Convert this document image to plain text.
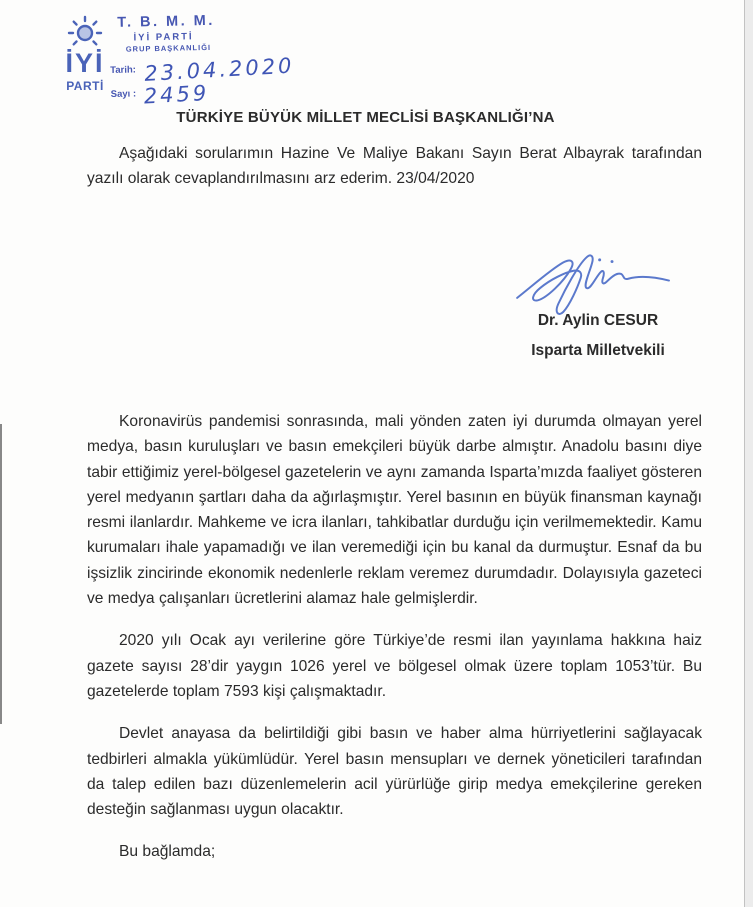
İYİ
PARTİ
T. B. M. M.
İYİ PARTİ
GRUP BAŞKANLIĞI
$^{Tarih:}$ 23.04.2020
$^{Sayı :}$ 2459
TÜRKİYE BÜYÜK MİLLET MECLİSİ BAŞKANLIĞI’NA

Aşağıdaki sorularımın Hazine Ve Maliye Bakanı Sayın Berat Albayrak tarafından yazılı olarak cevaplandırılmasını arz ederim. 23/04/2020

Dr. Aylin CESUR
Isparta Milletvekili

Koronavirüs pandemisi sonrasında, mali yönden zaten iyi durumda olmayan yerel medya, basın kuruluşları ve basın emekçileri büyük darbe almıştır. Anadolu basını diye tabir ettiğimiz yerel-bölgesel gazetelerin ve aynı zamanda Isparta’mızda faaliyet gösteren yerel medyanın şartları daha da ağırlaşmıştır. Yerel basının en büyük finansman kaynağı resmi ilanlardır. Mahkeme ve icra ilanları, tahkibatlar durduğu için verilmemektedir. Kamu kurumaları ihale yapamadığı ve ilan veremediği için bu kanal da durmuştur. Esnaf da bu işsizlik zincirinde ekonomik nedenlerle reklam veremez durumdadır. Dolayısıyla gazeteci ve medya çalışanları ücretlerini alamaz hale gelmişlerdir.

2020 yılı Ocak ayı verilerine göre Türkiye’de resmi ilan yayınlama hakkına haiz gazete sayısı 28’dir yaygın 1026 yerel ve bölgesel olmak üzere toplam 1053’tür. Bu gazetelerde toplam 7593 kişi çalışmaktadır.

Devlet anayasa da belirtildiği gibi basın ve haber alma hürriyetlerini sağlayacak tedbirleri almakla yükümlüdür. Yerel basın mensupları ve dernek yöneticileri tarafından da talep edilen bazı düzenlemelerin acil yürürlüğe girip medya emekçilerine gereken desteğin sağlanması uygun olacaktır.

Bu bağlamda;
